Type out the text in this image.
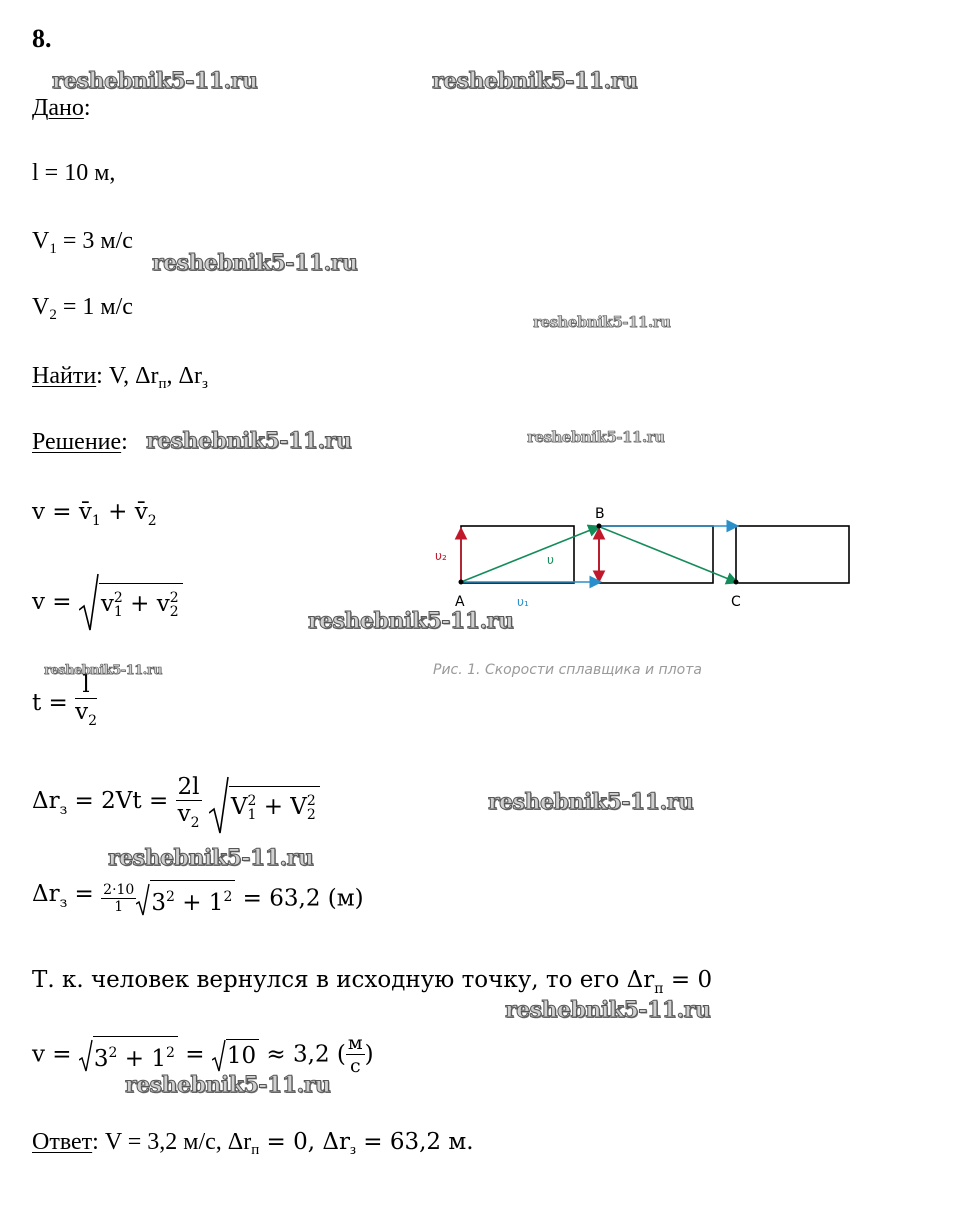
8.
reshebnik5-11.ru	reshebnik5-11.ru
reshebnik5-11.ru
reshebnik5-11.ru
reshebnik5-11.ru	reshebnik5-11.ru
reshebnik5-11.ru
reshebnik5-11.ru
reshebnik5-11.ru
reshebnik5-11.ru
reshebnik5-11.ru
reshebnik5-11.ru
Дано:
l = 10 м,
$V_1 = 3$ м/с
$V_2 = 1$ м/с
Найти: V, $\Delta r_п$, $\Delta r_з$
Решение:
$v = v̄_1$ + $v̄_2$
v = v 2
1 + v 2
2
$t = \frac{l}{v_2}$
$\Delta r_з = 2Vt = \frac{2l}{v_2}$ V 2
1 + V 2
2
$\Delta r_з = \frac{2\cdot 10}{1} 3^2 + 1^2 = 63,2$ (м)
Т. к. человек вернулся в исходную точку, то его $\Delta r_п = 0$
$v = 3^2 + 1^2 = 10 \approx 3,2$ ( $\frac{м}{с}$ )
Ответ: V = 3,2 м/с, $\Delta r_п = 0$, $\Delta r_з = 63,2$ м.
A
B
C
υ₂
υ₁
υ
Рис. 1. Скорости сплавщика и плота
